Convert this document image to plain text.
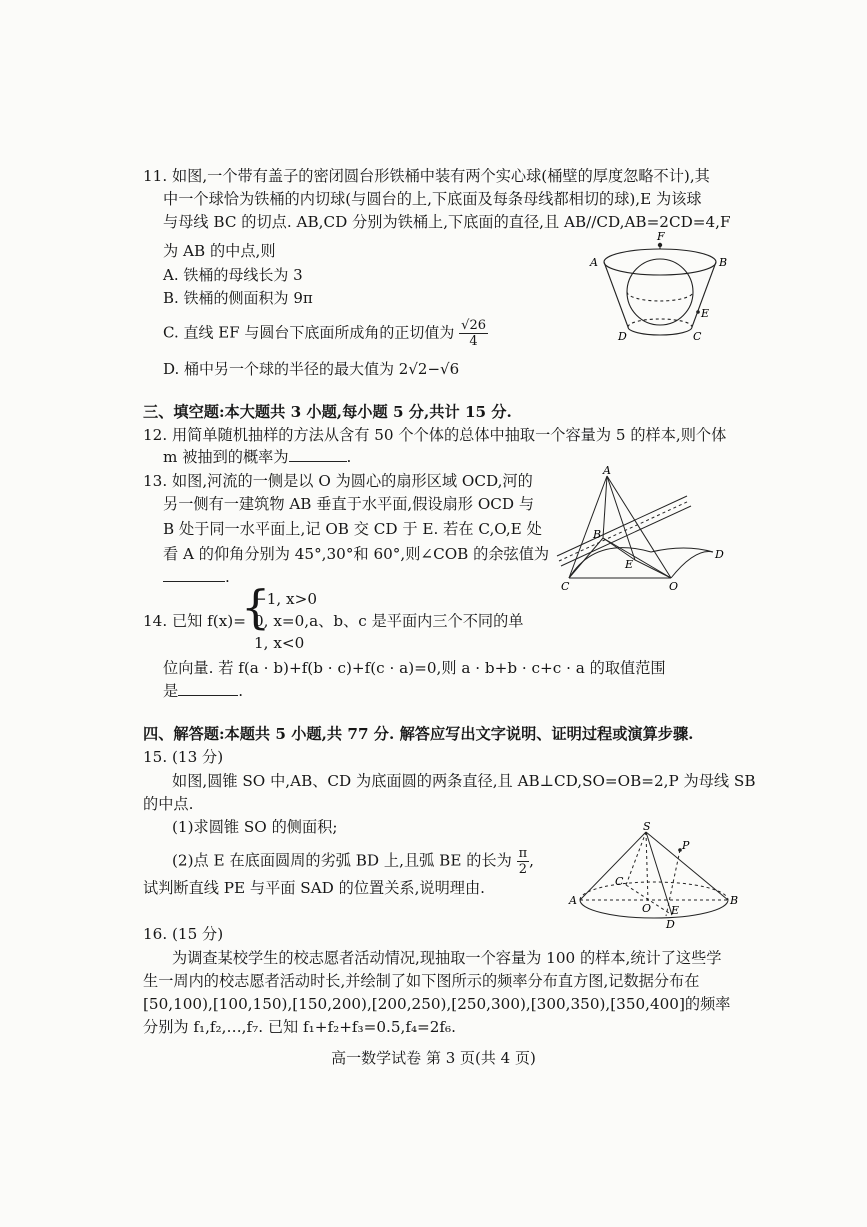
11. 如图,一个带有盖子的密闭圆台形铁桶中装有两个实心球(桶壁的厚度忽略不计),其
中一个球恰为铁桶的内切球(与圆台的上,下底面及每条母线都相切的球),E 为该球
与母线 BC 的切点. AB,CD 分别为铁桶上,下底面的直径,且 AB//CD,AB=2CD=4,F
为 AB 的中点,则
A. 铁桶的母线长为 3
B. 铁桶的侧面积为 9π
C. 直线 EF 与圆台下底面所成角的正切值为 $\frac{√26}{4}$
D. 桶中另一个球的半径的最大值为 2√2−√6
F
A	B
E
D	C
三、填空题:本大题共 3 小题,每小题 5 分,共计 15 分.
12. 用简单随机抽样的方法从含有 50 个个体的总体中抽取一个容量为 5 的样本,则个体
m 被抽到的概率为	.
13. 如图,河流的一侧是以 O 为圆心的扇形区域 OCD,河的
另一侧有一建筑物 AB 垂直于水平面,假设扇形 OCD 与
B 处于同一水平面上,记 OB 交 CD 于 E. 若在 C,O,E 处
看 A 的仰角分别为 45°,30°和 60°,则∠COB 的余弦值为
.
A
B
E
C	O
D
14. 已知 f(x)=
{
−1, x>0
0, x=0,a、b、c 是平面内三个不同的单
1, x<0
位向量. 若 f(a · b)+f(b · c)+f(c · a)=0,则 a · b+b · c+c · a 的取值范围
是	.
四、解答题:本题共 5 小题,共 77 分. 解答应写出文字说明、证明过程或演算步骤.
15. (13 分)
如图,圆锥 SO 中,AB、CD 为底面圆的两条直径,且 AB⊥CD,SO=OB=2,P 为母线 SB
的中点.
(1)求圆锥 SO 的侧面积;
(2)点 E 在底面圆周的劣弧 BD 上,且弧 BE 的长为 $\frac{\pi}{2}$ ,
试判断直线 PE 与平面 SAD 的位置关系,说明理由.
S
P
C
A
O
B
E
D
16. (15 分)
为调查某校学生的校志愿者活动情况,现抽取一个容量为 100 的样本,统计了这些学
生一周内的校志愿者活动时长,并绘制了如下图所示的频率分布直方图,记数据分布在
[50,100),[100,150),[150,200),[200,250),[250,300),[300,350),[350,400]的频率
分别为 f₁,f₂,…,f₇. 已知 f₁+f₂+f₃=0.5,f₄=2f₆.
高一数学试卷 第 3 页(共 4 页)
